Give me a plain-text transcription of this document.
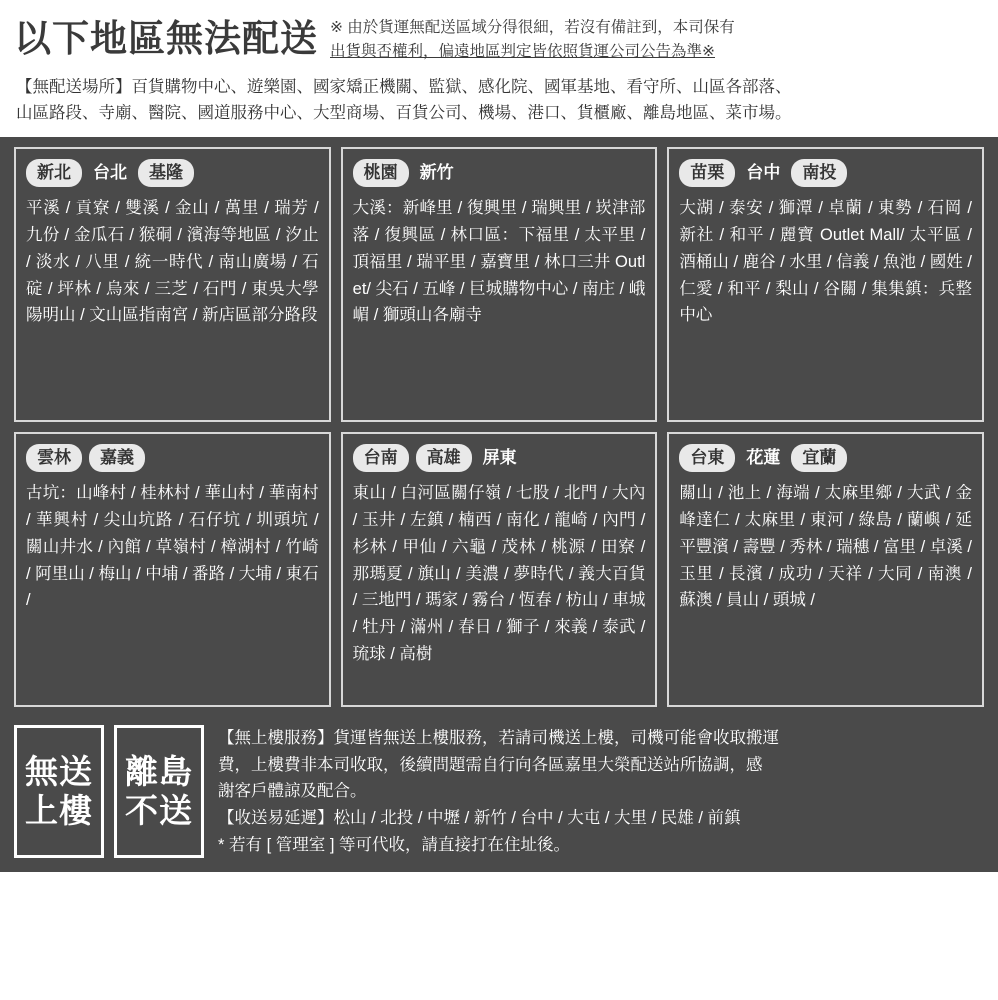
以下地區無法配送 ※ 由於貨運無配送區域分得很細，若沒有備註到，本司保有
出貨與否權利，偏遠地區判定皆依照貨運公司公告為準※
【無配送場所】百貨購物中心、遊樂園、國家矯正機關、監獄、感化院、國軍基地、看守所、山區各部落、
山區路段、寺廟、醫院、國道服務中心、大型商場、百貨公司、機場、港口、貨櫃廠、離島地區、菜市場。
新北	台北	基隆
平溪 / 貢寮 / 雙溪 / 金山 / 萬里 / 瑞芳 / 九份 / 金瓜石 / 猴硐 / 濱海等地區 / 汐止 / 淡水 / 八里 / 統一時代 / 南山廣場 / 石碇 / 坪林 / 烏來 / 三芝 / 石門 / 東吳大學陽明山 / 文山區指南宮 / 新店區部分路段
桃園	新竹
大溪：新峰里 / 復興里 / 瑞興里 / 崁津部落 / 復興區 / 林口區：下福里 / 太平里 / 頂福里 / 瑞平里 / 嘉寶里 / 林口三井 Outlet/ 尖石 / 五峰 / 巨城購物中心 / 南庄 / 峨嵋 / 獅頭山各廟寺
苗栗	台中	南投
大湖 / 泰安 / 獅潭 / 卓蘭 / 東勢 / 石岡 / 新社 / 和平 / 麗寶 Outlet Mall/ 太平區 / 酒桶山 / 鹿谷 / 水里 / 信義 / 魚池 / 國姓 / 仁愛 / 和平 / 梨山 / 谷關 / 集集鎮：兵整中心
雲林	嘉義
古坑：山峰村 / 桂林村 / 華山村 / 華南村 / 華興村 / 尖山坑路 / 石仔坑 / 圳頭坑 / 關山井水 / 內館 / 草嶺村 / 樟湖村 / 竹崎 / 阿里山 / 梅山 / 中埔 / 番路 / 大埔 / 東石 /
台南	高雄	屏東
東山 / 白河區關仔嶺 / 七股 / 北門 / 大內 / 玉井 / 左鎮 / 楠西 / 南化 / 龍崎 / 內門 / 杉林 / 甲仙 / 六龜 / 茂林 / 桃源 / 田寮 / 那瑪夏 / 旗山 / 美濃 / 夢時代 / 義大百貨 / 三地門 / 瑪家 / 霧台 / 恆春 / 枋山 / 車城 / 牡丹 / 滿州 / 春日 / 獅子 / 來義 / 泰武 / 琉球 / 高樹
台東	花蓮	宜蘭
關山 / 池上 / 海端 / 太麻里鄉 / 大武 / 金峰達仁 / 太麻里 / 東河 / 綠島 / 蘭嶼 / 延平豐濱 / 壽豐 / 秀林 / 瑞穗 / 富里 / 卓溪 / 玉里 / 長濱 / 成功 / 天祥 / 大同 / 南澳 / 蘇澳 / 員山 / 頭城 /
無送
上樓
離島
不送

【無上樓服務】貨運皆無送上樓服務，若請司機送上樓，司機可能會收取搬運

費，上樓費非本司收取，後續問題需自行向各區嘉里大榮配送站所協調，感

謝客戶體諒及配合。

【收送易延遲】松山 / 北投 / 中壢 / 新竹 / 台中 / 大屯 / 大里 / 民雄 / 前鎮

* 若有 [ 管理室 ] 等可代收，請直接打在住址後。
